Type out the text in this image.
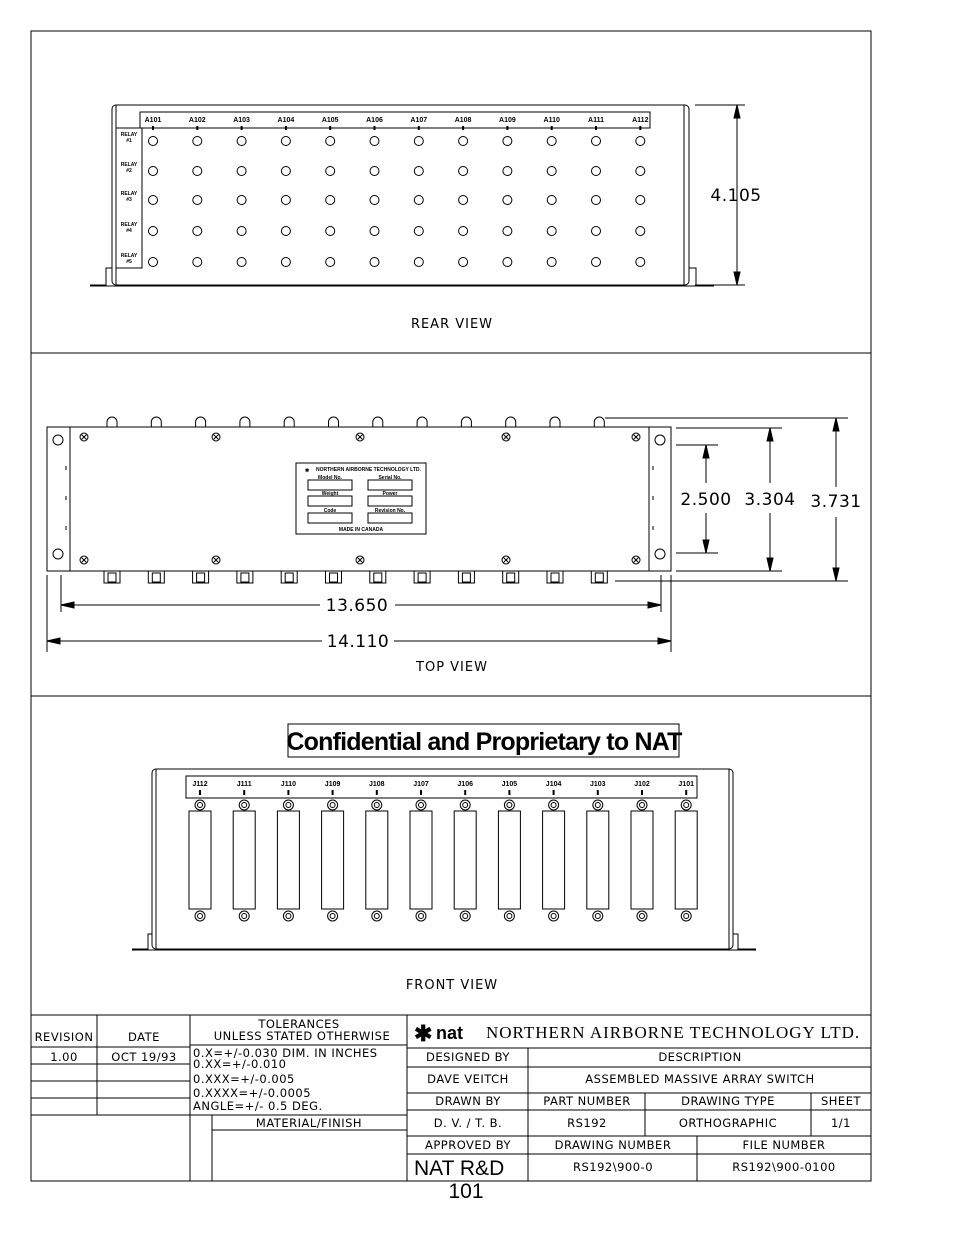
A101	A102	A103	A104	A105	A106	A107	A108	A109	A110	A111	A112
RELAY
#1
RELAY
#2
RELAY
#3
RELAY
#4
RELAY
#5
4.105
REAR VIEW
✱ NORTHERN AIRBORNE TECHNOLOGY LTD.
Model No.	Serial No.
Weight	Power
Code	Revision No.
MADE IN CANADA
13.650
14.110
2.500 3.304 3.731
TOP VIEW
Confidential and Proprietary to NAT
J112	J111	J110	J109	J108	J107	J106	J105	J104	J103	J102	J101
FRONT VIEW
REVISION	DATE
1.00	OCT 19/93
TOLERANCES
UNLESS STATED OTHERWISE
0.X=+/-0.030 DIM. IN INCHES
0.XX=+/-0.010
0.XXX=+/-0.005
0.XXXX=+/-0.0005
ANGLE=+/- 0.5 DEG.
MATERIAL/FINISH
✱ nat NORTHERN AIRBORNE TECHNOLOGY LTD.
DESIGNED BY	DESCRIPTION
DAVE VEITCH	ASSEMBLED MASSIVE ARRAY SWITCH
DRAWN BY	PART NUMBER	DRAWING TYPE	SHEET
D. V. / T. B.	RS192	ORTHOGRAPHIC	1/1
APPROVED BY	DRAWING NUMBER	FILE NUMBER
NAT R&D	RS192\900-0	RS192\900-0100
101
